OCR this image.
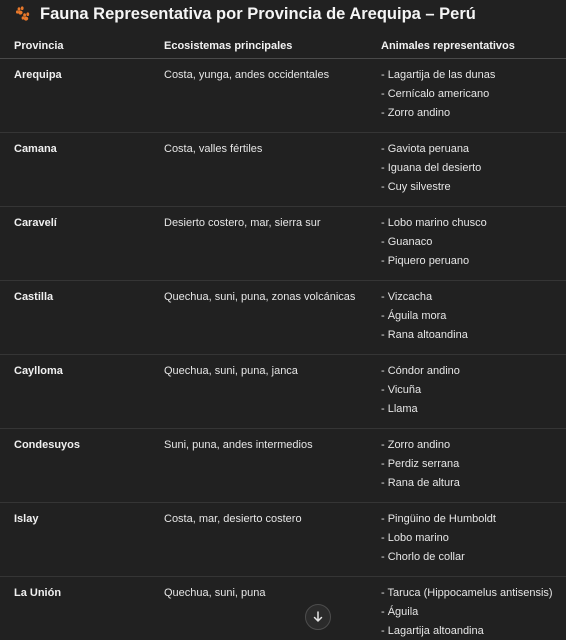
Fauna Representativa por Provincia de Arequipa – Perú
Provincia	Ecosistemas principales	Animales representativos

Arequipa	Costa, yunga, andes occidentales	- Lagartija de las dunas
- Cernícalo americano
- Zorro andino

Camana	Costa, valles fértiles	- Gaviota peruana
- Iguana del desierto
- Cuy silvestre

Caravelí	Desierto costero, mar, sierra sur	- Lobo marino chusco
- Guanaco
- Piquero peruano

Castilla	Quechua, suni, puna, zonas volcánicas	- Vizcacha
- Águila mora
- Rana altoandina

Caylloma	Quechua, suni, puna, janca	- Cóndor andino
- Vicuña
- Llama

Condesuyos	Suni, puna, andes intermedios	- Zorro andino
- Perdiz serrana
- Rana de altura

Islay	Costa, mar, desierto costero	- Pingüino de Humboldt
- Lobo marino
- Chorlo de collar

La Unión	Quechua, suni, puna	- Taruca (Hippocamelus antisensis)
- Águila
- Lagartija altoandina
